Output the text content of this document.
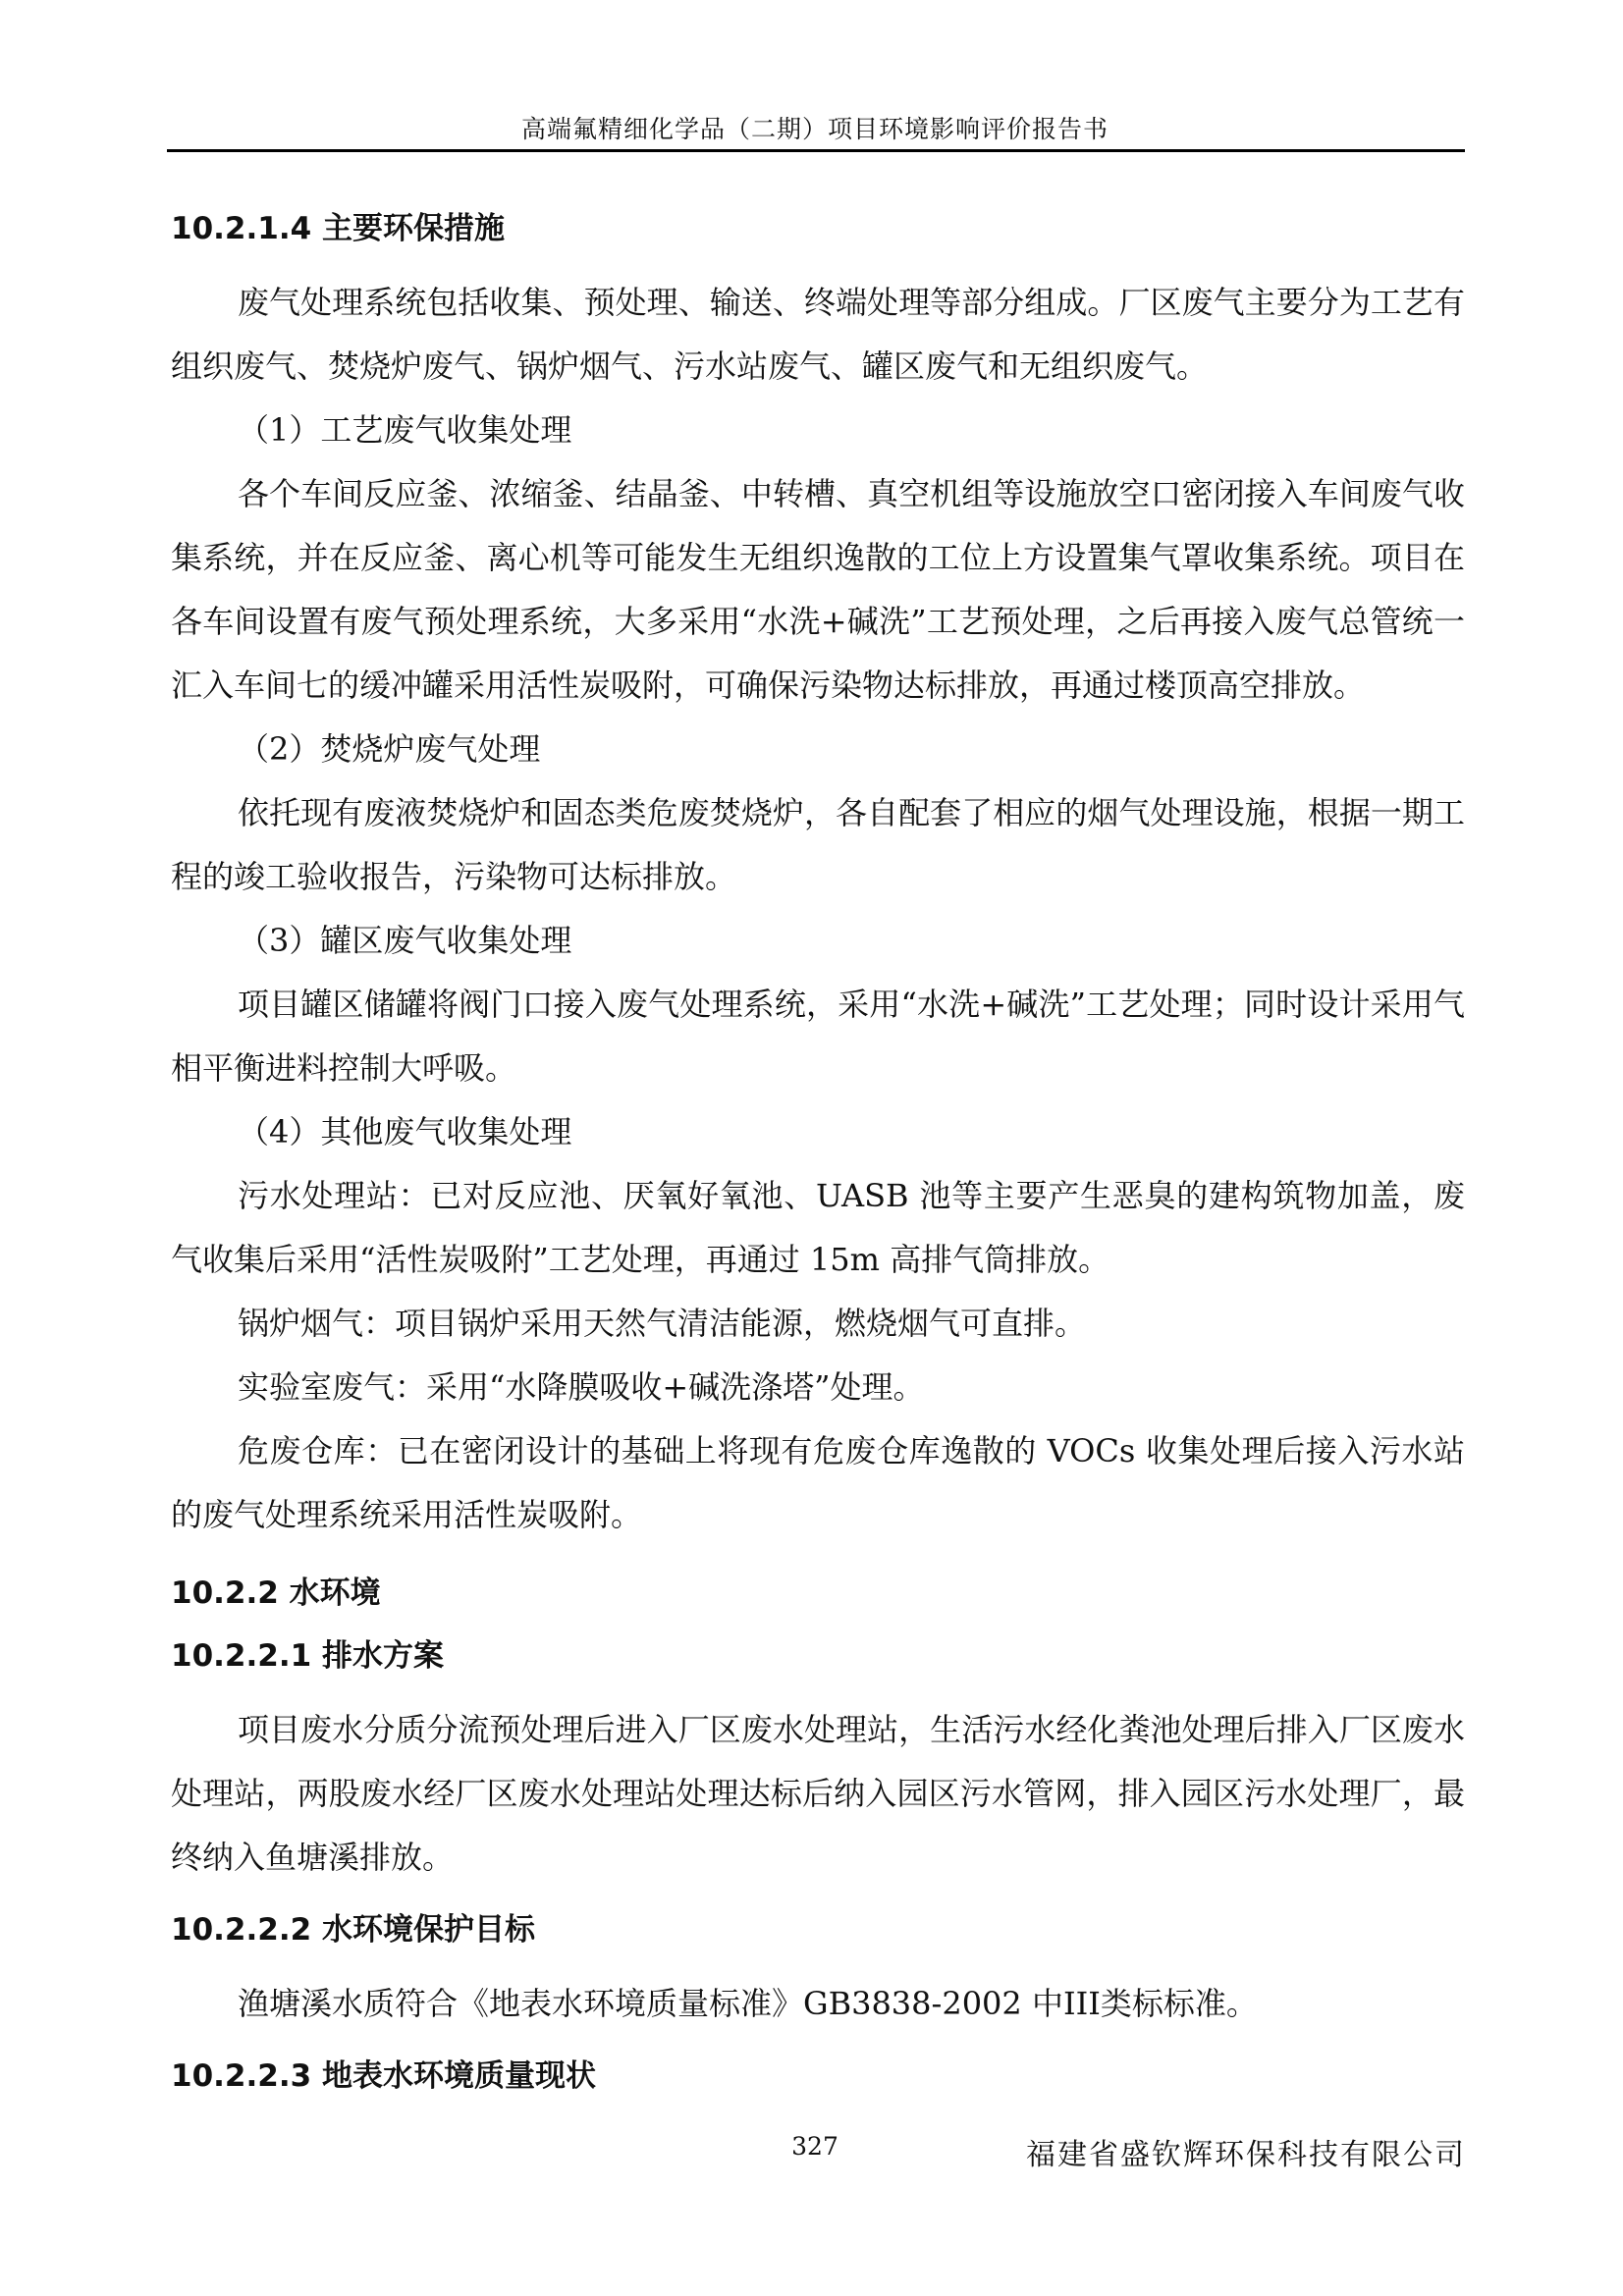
高端氟精细化学品（二期）项目环境影响评价报告书
10.2.1.4 主要环保措施

废气处理系统包括收集、预处理、输送、终端处理等部分组成。厂区废气主要分为工艺有组织废气、焚烧炉废气、锅炉烟气、污水站废气、罐区废气和无组织废气。

（1）工艺废气收集处理

各个车间反应釜、浓缩釜、结晶釜、中转槽、真空机组等设施放空口密闭接入车间废气收集系统，并在反应釜、离心机等可能发生无组织逸散的工位上方设置集气罩收集系统。项目在各车间设置有废气预处理系统，大多采用“水洗+碱洗”工艺预处理，之后再接入废气总管统一汇入车间七的缓冲罐采用活性炭吸附，可确保污染物达标排放，再通过楼顶高空排放。

（2）焚烧炉废气处理

依托现有废液焚烧炉和固态类危废焚烧炉，各自配套了相应的烟气处理设施，根据一期工程的竣工验收报告，污染物可达标排放。

（3）罐区废气收集处理

项目罐区储罐将阀门口接入废气处理系统，采用“水洗+碱洗”工艺处理；同时设计采用气相平衡进料控制大呼吸。

（4）其他废气收集处理

污水处理站：已对反应池、厌氧好氧池、UASB 池等主要产生恶臭的建构筑物加盖，废气收集后采用“活性炭吸附”工艺处理，再通过 15m 高排气筒排放。

锅炉烟气：项目锅炉采用天然气清洁能源，燃烧烟气可直排。

实验室废气：采用“水降膜吸收+碱洗涤塔”处理。

危废仓库：已在密闭设计的基础上将现有危废仓库逸散的 VOCs 收集处理后接入污水站的废气处理系统采用活性炭吸附。

10.2.2 水环境
10.2.2.1 排水方案

项目废水分质分流预处理后进入厂区废水处理站，生活污水经化粪池处理后排入厂区废水处理站，两股废水经厂区废水处理站处理达标后纳入园区污水管网，排入园区污水处理厂，最终纳入鱼塘溪排放。

10.2.2.2 水环境保护目标

渔塘溪水质符合《地表水环境质量标准》GB3838-2002 中III类标标准。

10.2.2.3 地表水环境质量现状
327	福建省盛钦辉环保科技有限公司
